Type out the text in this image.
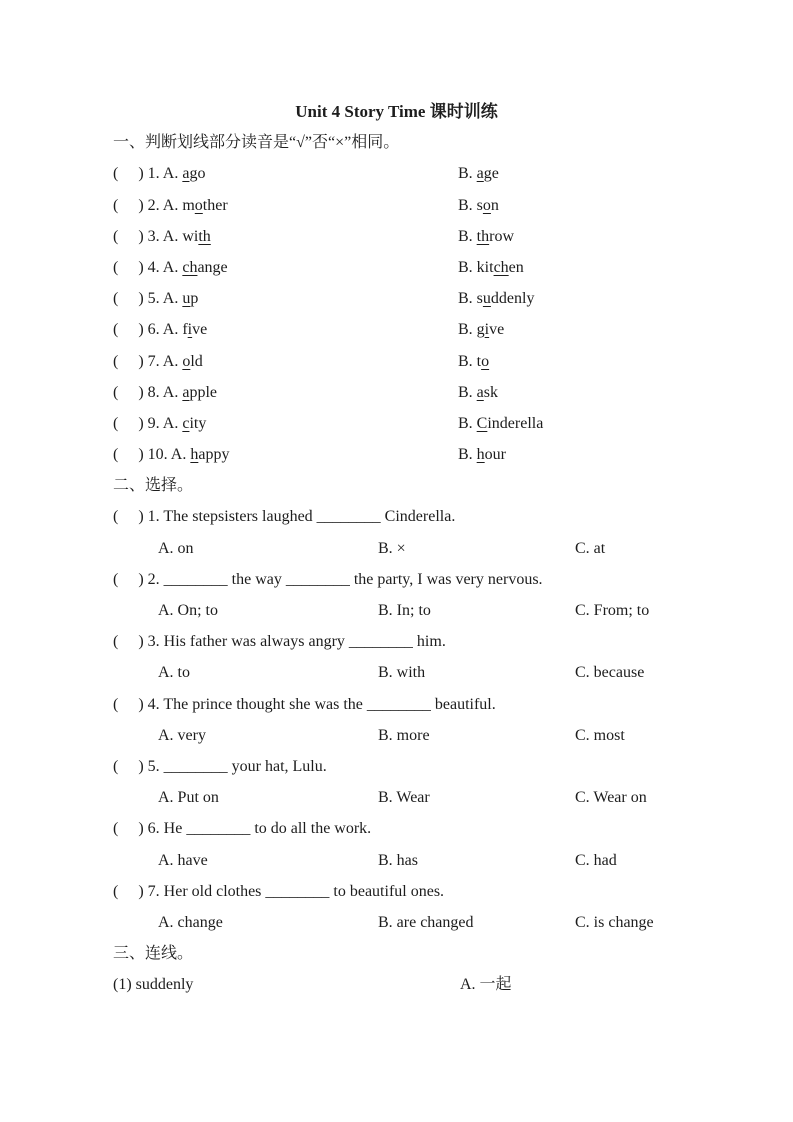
Unit 4 Story Time 课时训练
一、判断划线部分读音是“√”否“×”相同。
(     ) 1. A. ago	B. age
(     ) 2. A. mother	B. son
(     ) 3. A. with	B. throw
(     ) 4. A. change	B. kitchen
(     ) 5. A. up	B. suddenly
(     ) 6. A. five	B. give
(     ) 7. A. old	B. to
(     ) 8. A. apple	B. ask
(     ) 9. A. city	B. Cinderella
(     ) 10. A. happy	B. hour
二、选择。
(     ) 1. The stepsisters laughed ________ Cinderella.
A. on	B. ×	C. at
(     ) 2. ________ the way ________ the party, I was very nervous.
A. On; to	B. In; to	C. From; to
(     ) 3. His father was always angry ________ him.
A. to	B. with	C. because
(     ) 4. The prince thought she was the ________ beautiful.
A. very	B. more	C. most
(     ) 5. ________ your hat, Lulu.
A. Put on	B. Wear	C. Wear on
(     ) 6. He ________ to do all the work.
A. have	B. has	C. had
(     ) 7. Her old clothes ________ to beautiful ones.
A. change	B. are changed	C. is change
三、连线。
(1) suddenly	A. 一起
